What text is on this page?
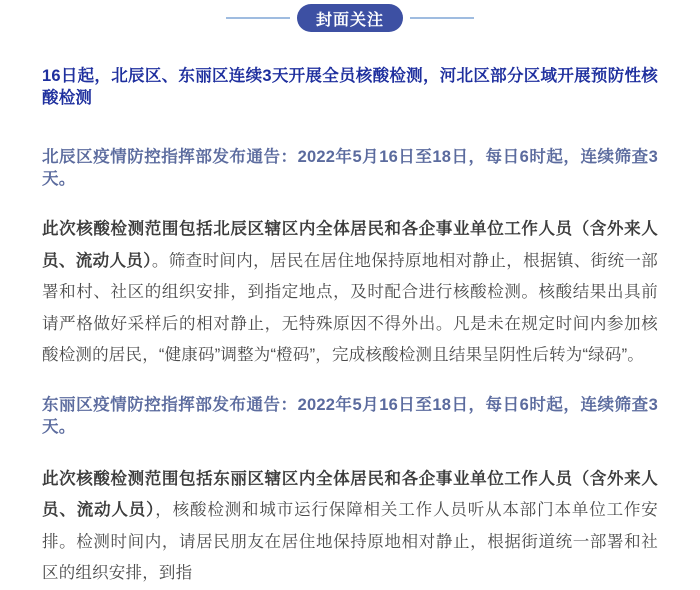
封面关注
16日起，北辰区、东丽区连续3天开展全员核酸检测，河北区部分区域开展预防性核酸检测
北辰区疫情防控指挥部发布通告：2022年5月16日至18日，每日6时起，连续筛查3天。

此次核酸检测范围包括北辰区辖区内全体居民和各企事业单位工作人员（含外来人员、流动人员）。筛查时间内，居民在居住地保持原地相对静止，根据镇、街统一部署和村、社区的组织安排，到指定地点，及时配合进行核酸检测。核酸结果出具前请严格做好采样后的相对静止，无特殊原因不得外出。凡是未在规定时间内参加核酸检测的居民，“健康码”调整为“橙码”，完成核酸检测且结果呈阴性后转为“绿码”。

东丽区疫情防控指挥部发布通告：2022年5月16日至18日，每日6时起，连续筛查3天。

此次核酸检测范围包括东丽区辖区内全体居民和各企事业单位工作人员（含外来人员、流动人员），核酸检测和城市运行保障相关工作人员听从本部门本单位工作安排。检测时间内，请居民朋友在居住地保持原地相对静止，根据街道统一部署和社区的组织安排，到指
